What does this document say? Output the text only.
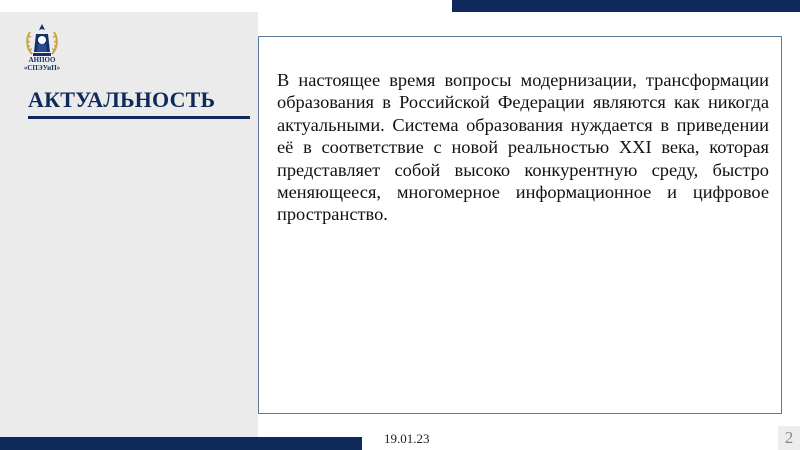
АНПОО
«СПЭУиП»
АКТУАЛЬНОСТЬ
В настоящее время вопросы модернизации, трансформации образования в Российской Федерации являются как никогда актуальными. Система образования нуждается в приведении её в соответствие с новой реальностью XXI века, которая представляет собой высоко конкурентную среду, быстро меняющееся, многомерное информационное и цифровое пространство.
19.01.23	2
